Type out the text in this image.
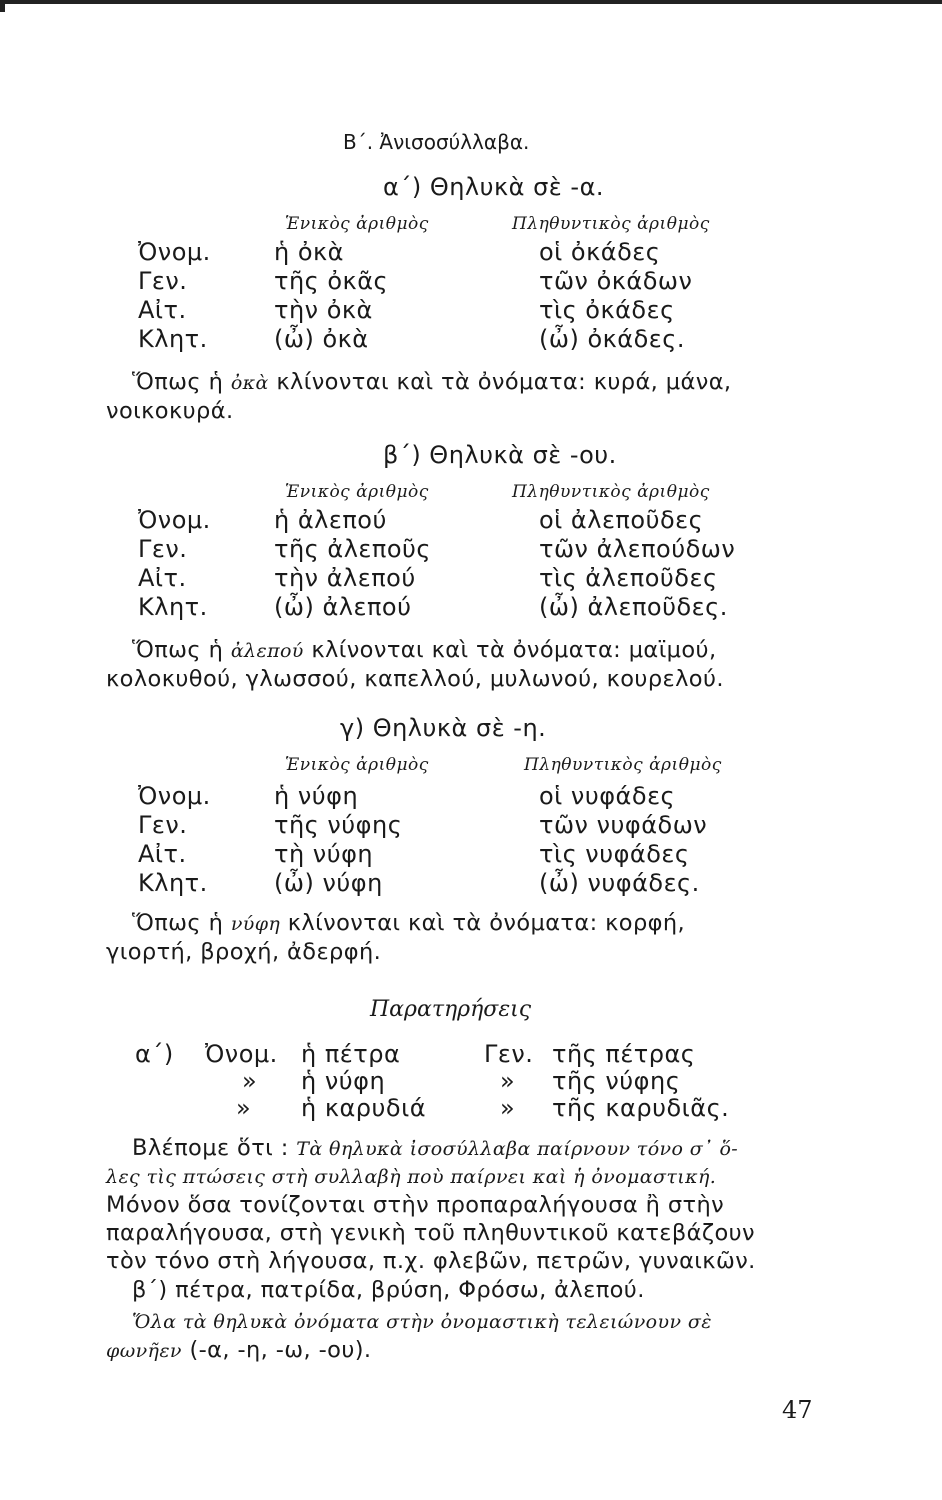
Β΄. Ἀνισοσύλλαβα.
α΄) Θηλυκὰ σὲ -α.
Ἑνικὸς ἀριθμὸς	Πληθυντικὸς ἀριθμὸς
Ὀνομ.	ἡ ὀκὰ	οἱ ὀκάδες
Γεν.	τῆς ὀκᾶς	τῶν ὀκάδων
Αἰτ.	τὴν ὀκὰ	τὶς ὀκάδες
Κλητ.	(ὦ) ὀκὰ	(ὦ) ὀκάδες.
Ὅπως ἡ ὀκὰ κλίνονται καὶ τὰ ὀνόματα: κυρά, μάνα,
νοικοκυρά.
β΄) Θηλυκὰ σὲ -ου.
Ἑνικὸς ἀριθμὸς	Πληθυντικὸς ἀριθμὸς
Ὀνομ.	ἡ ἀλεπού	οἱ ἀλεποῦδες
Γεν.	τῆς ἀλεποῦς	τῶν ἀλεπούδων
Αἰτ.	τὴν ἀλεπού	τὶς ἀλεποῦδες
Κλητ.	(ὦ) ἀλεπού	(ὦ) ἀλεποῦδες.
Ὅπως ἡ ἀλεπού κλίνονται καὶ τὰ ὀνόματα: μαϊμού,
κολοκυθού, γλωσσού, καπελλού, μυλωνού, κουρελού.
γ) Θηλυκὰ σὲ -η.
Ἑνικὸς ἀριθμὸς	Πληθυντικὸς ἀριθμὸς
Ὀνομ.	ἡ νύφη	οἱ νυφάδες
Γεν.	τῆς νύφης	τῶν νυφάδων
Αἰτ.	τὴ νύφη	τὶς νυφάδες
Κλητ.	(ὦ) νύφη	(ὦ) νυφάδες.
Ὅπως ἡ νύφη κλίνονται καὶ τὰ ὀνόματα: κορφή,
γιορτή, βροχή, ἀδερφή.
Παρατηρήσεις
α΄) Ὀνομ. ἡ πέτρα	Γεν. τῆς πέτρας
» ἡ νύφη	» τῆς νύφης
» ἡ καρυδιά	» τῆς καρυδιᾶς.
Βλέπομε ὅτι : Τὰ θηλυκὰ ἰσοσύλλαβα παίρνουν τόνο σ᾿ ὅ-
λες τὶς πτώσεις στὴ συλλαβὴ ποὺ παίρνει καὶ ἡ ὀνομαστική.
Μόνον ὅσα τονίζονται στὴν προπαραλήγουσα ἢ στὴν
παραλήγουσα, στὴ γενικὴ τοῦ πληθυντικοῦ κατεβάζουν
τὸν τόνο στὴ λήγουσα, π.χ. φλεβῶν, πετρῶν, γυναικῶν.
β΄) πέτρα, πατρίδα, βρύση, Φρόσω, ἀλεπού.
Ὅλα τὰ θηλυκὰ ὀνόματα στὴν ὀνομαστικὴ τελειώνουν σὲ
φωνῆεν (-α, -η, -ω, -ου).
47
